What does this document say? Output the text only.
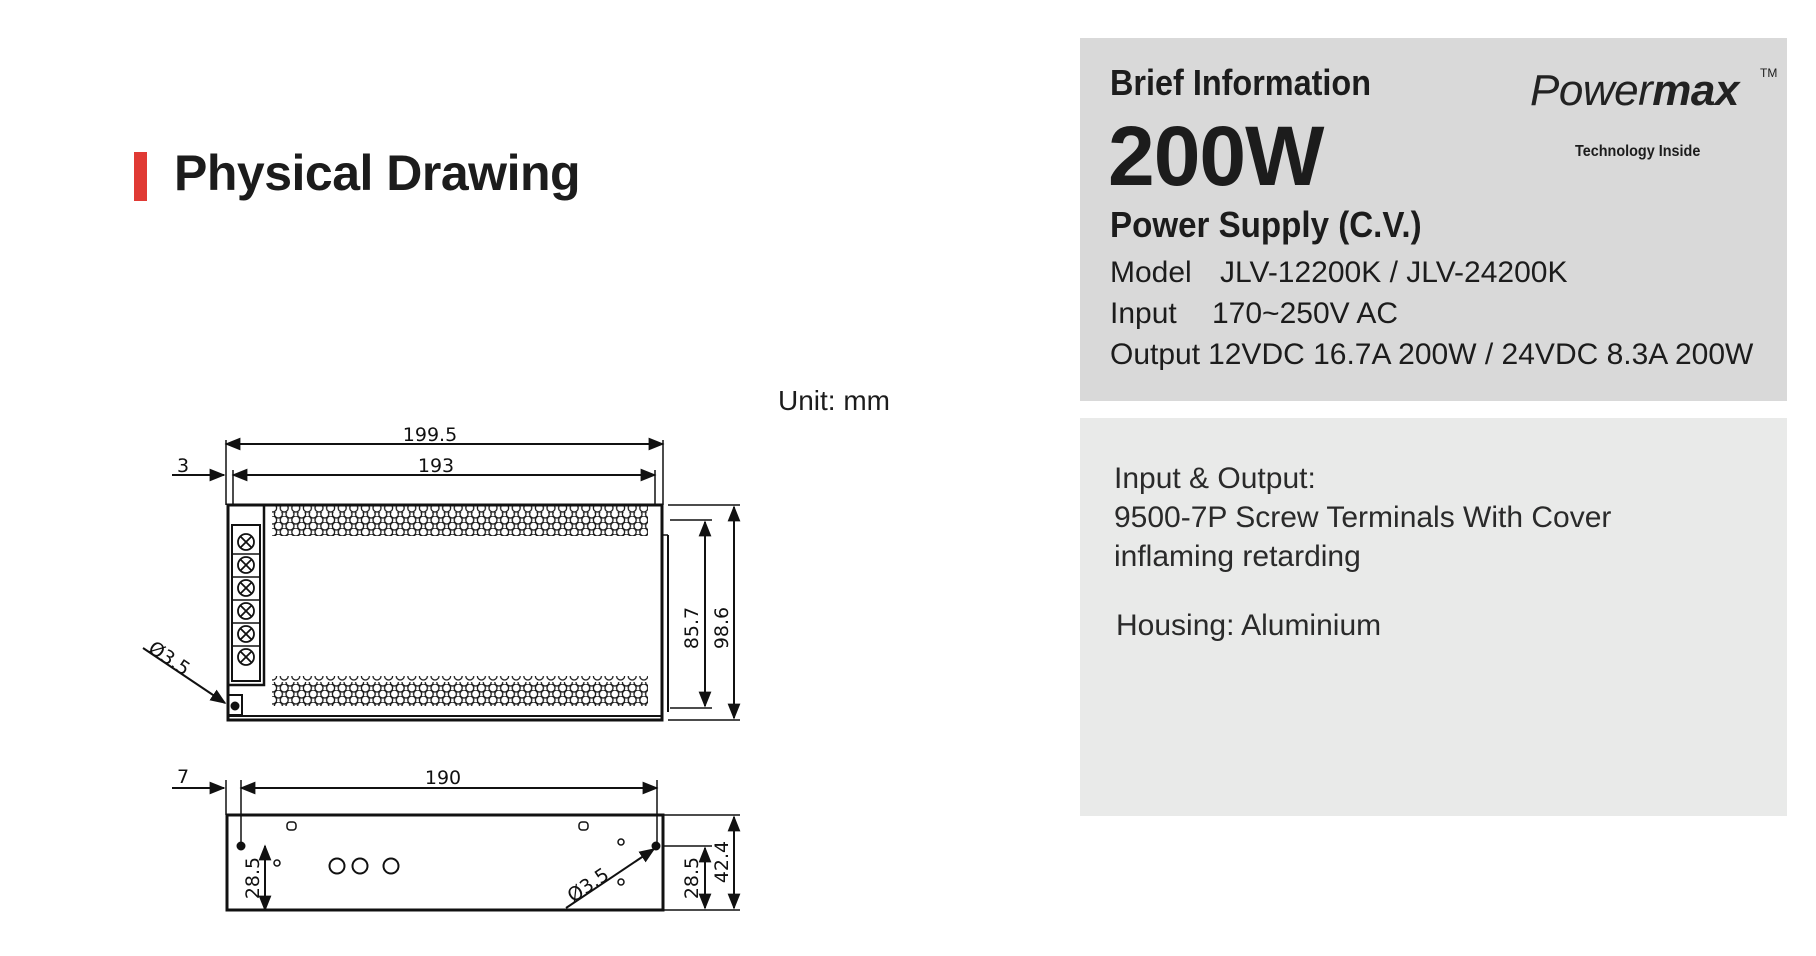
Physical Drawing
Unit: mm
199.5
193
3
Ø3.5
85.7 98.6
190
7
Ø3.5
28.5	28.5 42.4
Brief Information
200W
Power Supply (C.V.)
Model JLV-12200K / JLV-24200K
Input 170~250V AC
Output 12VDC 16.7A 200W / 24VDC 8.3A 200W
Powermax TM
Technology Inside
Input & Output:
9500-7P Screw Terminals With Cover
inflaming retarding
Housing: Aluminium
